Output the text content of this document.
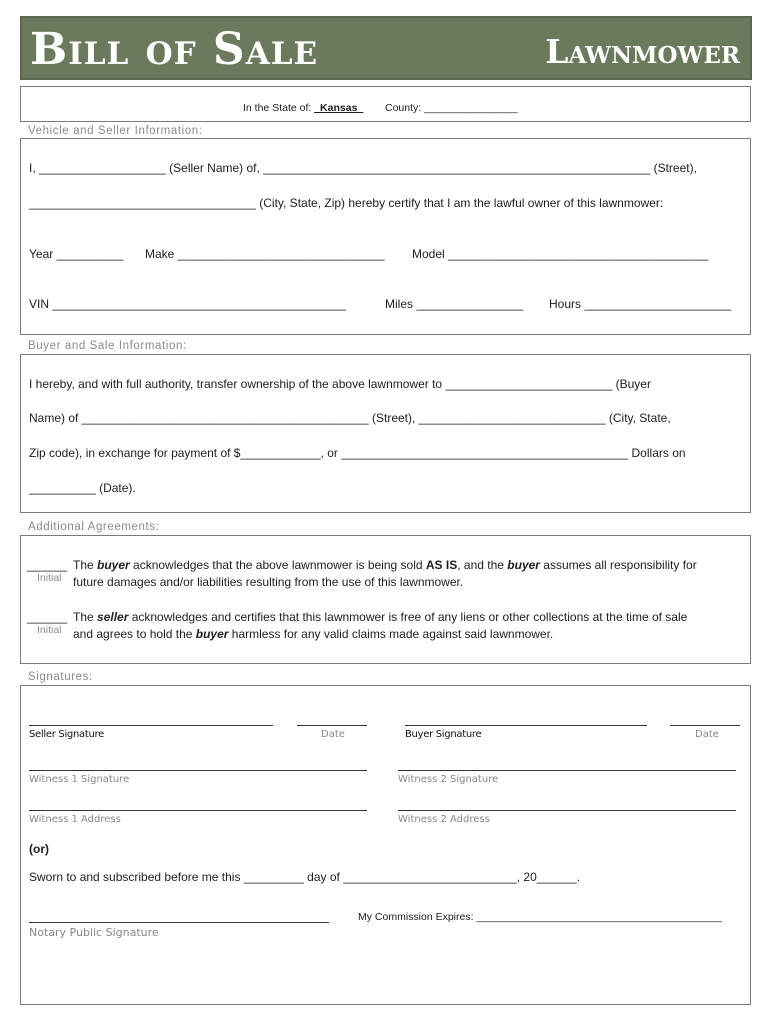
Bill of Sale	Lawnmower
In the State of: _Kansas_ County: ________________
Vehicle and Seller Information:
I, ___________________ (Seller Name) of, __________________________________________________________ (Street),
__________________________________ (City, State, Zip) hereby certify that I am the lawful owner of this lawnmower:
Year __________ Make _______________________________ Model _______________________________________
VIN ____________________________________________	Miles ________________ Hours ______________________
Buyer and Sale Information:
I hereby, and with full authority, transfer ownership of the above lawnmower to _________________________ (Buyer
Name) of ___________________________________________ (Street), ____________________________ (City, State,
Zip code), in exchange for payment of $____________, or ___________________________________________ Dollars on
__________ (Date).
Additional Agreements:
______
Initial
The buyer acknowledges that the above lawnmower is being sold AS IS, and the buyer assumes all responsibility for
future damages and/or liabilities resulting from the use of this lawnmower.
______
Initial
The seller acknowledges and certifies that this lawnmower is free of any liens or other collections at the time of sale
and agrees to hold the buyer harmless for any valid claims made against said lawnmower.
Signatures:
Seller Signature	Date	Buyer Signature	Date
Witness 1 Signature	Witness 2 Signature
Witness 1 Address	Witness 2 Address
(or)
Sworn to and subscribed before me this _________ day of __________________________, 20______.
Notary Public Signature
My Commission Expires: __________________________________________
